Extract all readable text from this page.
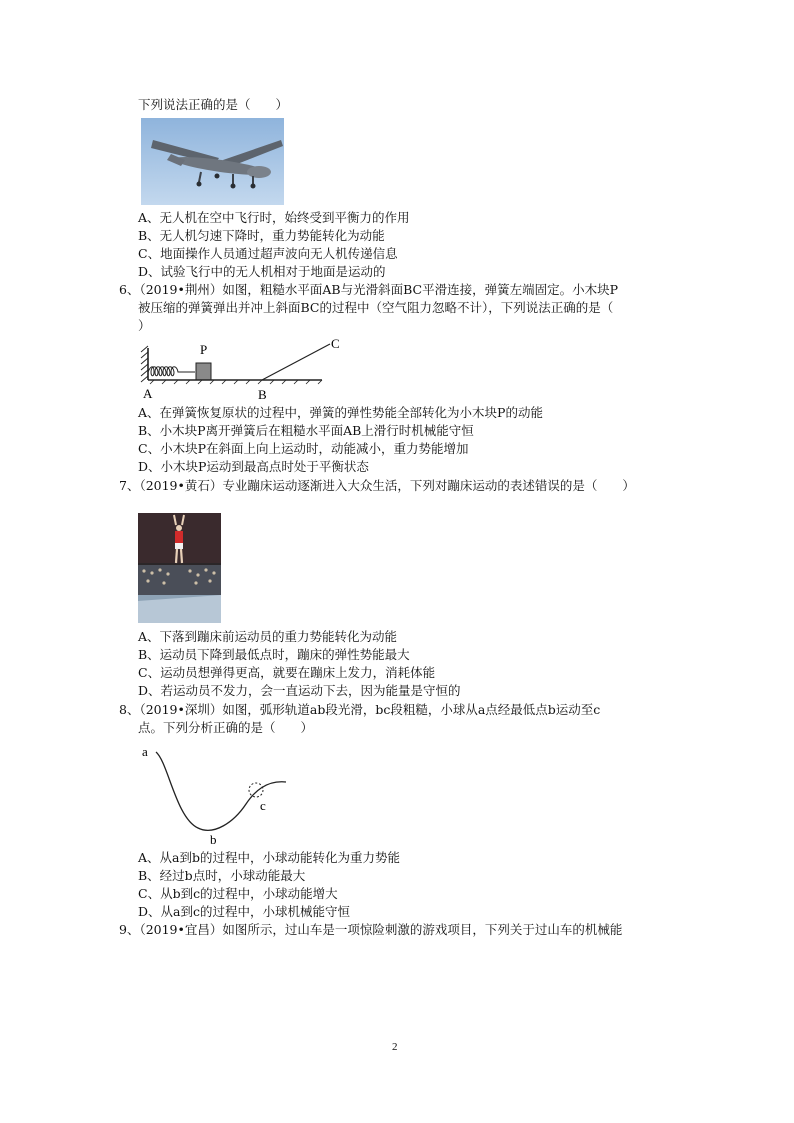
下列说法正确的是（　　）
A、无人机在空中飞行时，始终受到平衡力的作用
B、无人机匀速下降时，重力势能转化为动能
C、地面操作人员通过超声波向无人机传递信息
D、试验飞行中的无人机相对于地面是运动的
6、（2019•荆州）如图，粗糙水平面AB与光滑斜面BC平滑连接，弹簧左端固定。小木块P
被压缩的弹簧弹出并冲上斜面BC的过程中（空气阻力忽略不计），下列说法正确的是（
）
P
A	B
C
A、在弹簧恢复原状的过程中，弹簧的弹性势能全部转化为小木块P的动能
B、小木块P离开弹簧后在粗糙水平面AB上滑行时机械能守恒
C、小木块P在斜面上向上运动时，动能减小，重力势能增加
D、小木块P运动到最高点时处于平衡状态
7、（2019•黄石）专业蹦床运动逐渐进入大众生活，下列对蹦床运动的表述错误的是（　　）
A、下落到蹦床前运动员的重力势能转化为动能
B、运动员下降到最低点时，蹦床的弹性势能最大
C、运动员想弹得更高，就要在蹦床上发力，消耗体能
D、若运动员不发力，会一直运动下去，因为能量是守恒的
8、（2019•深圳）如图，弧形轨道ab段光滑，bc段粗糙，小球从a点经最低点b运动至c
点。下列分析正确的是（　　）
a
b
c
A、从a到b的过程中，小球动能转化为重力势能
B、经过b点时，小球动能最大
C、从b到c的过程中，小球动能增大
D、从a到c的过程中，小球机械能守恒
9、（2019•宜昌）如图所示，过山车是一项惊险刺激的游戏项目，下列关于过山车的机械能
2
